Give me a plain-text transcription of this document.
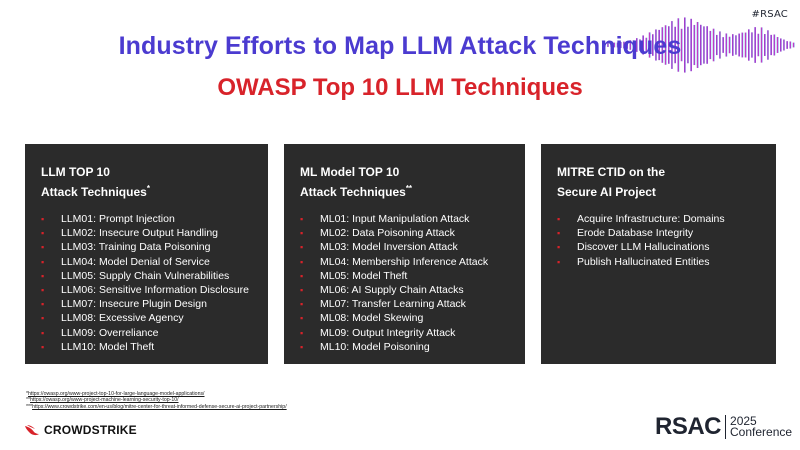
#RSAC
Industry Efforts to Map LLM Attack Techniques
OWASP Top 10 LLM Techniques
LLM TOP 10
Attack Techniques*
▪ LLM01: Prompt Injection
▪ LLM02: Insecure Output Handling
▪ LLM03: Training Data Poisoning
▪ LLM04: Model Denial of Service
▪ LLM05: Supply Chain Vulnerabilities
▪ LLM06: Sensitive Information Disclosure
▪ LLM07: Insecure Plugin Design
▪ LLM08: Excessive Agency
▪ LLM09: Overreliance
▪ LLM10: Model Theft
ML Model TOP 10
Attack Techniques**
▪ ML01: Input Manipulation Attack
▪ ML02: Data Poisoning Attack
▪ ML03: Model Inversion Attack
▪ ML04: Membership Inference Attack
▪ ML05: Model Theft
▪ ML06: AI Supply Chain Attacks
▪ ML07: Transfer Learning Attack
▪ ML08: Model Skewing
▪ ML09: Output Integrity Attack
▪ ML10: Model Poisoning
MITRE CTID on the
Secure AI Project
▪ Acquire Infrastructure: Domains
▪ Erode Database Integrity
▪ Discover LLM Hallucinations
▪ Publish Hallucinated Entities
*https://owasp.org/www-project-top-10-for-large-language-model-applications/
**https://owasp.org/www-project-machine-learning-security-top-10/
***https://www.crowdstrike.com/en-us/blog/mitre-center-for-threat-informed-defense-secure-ai-project-partnership/
CROWDSTRIKE	RSAC 2025
Conference
